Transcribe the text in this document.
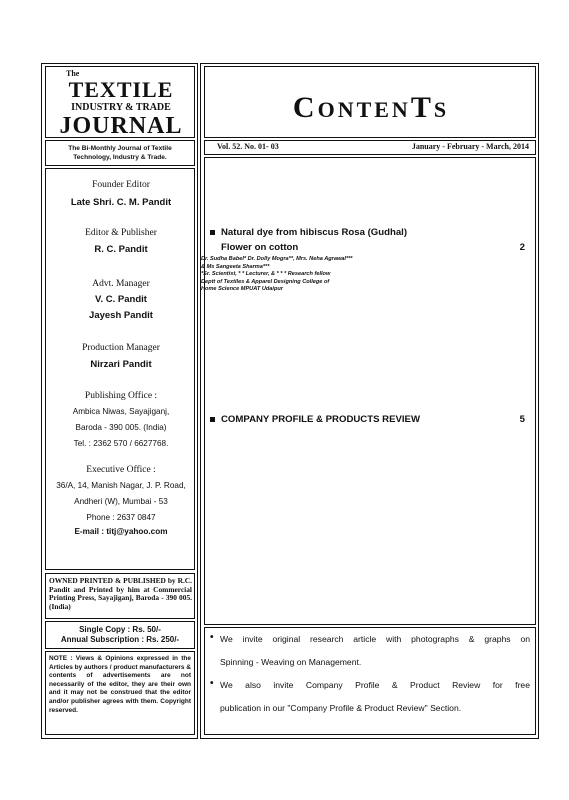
The
TEXTILE
INDUSTRY & TRADE
JOURNAL
The Bi-Monthly Journal of Textile
Technology, Industry & Trade.
Founder Editor
Late Shri. C. M. Pandit
Editor & Publisher
R. C. Pandit
Advt. Manager
V. C. Pandit
Jayesh Pandit
Production Manager
Nirzari Pandit
Publishing Office :
Ambica Niwas, Sayajiganj,
Baroda - 390 005. (India)
Tel. : 2362 570 / 6627768.
Executive Office :
36/A, 14, Manish Nagar, J. P. Road,
Andheri (W), Mumbai - 53
Phone : 2637 0847
E-mail : titj@yahoo.com
OWNED PRINTED & PUBLISHED by R.C. Pandit and Printed by him at Commercial Printing Press, Sayajiganj, Baroda - 390 005. (India)
Single Copy : Rs. 50/-
Annual Subscription : Rs. 250/-
NOTE : Views & Opinions expressed in the Articles by authors / product manufacturers & contents of advertisements are not necessarily of the editor, they are their own and it may not be construed that the editor and/or publisher agrees with them. Copyright reserved.
CONTENTS
Vol. 52. No. 01- 03	January - February - March, 2014
Natural dye from hibiscus Rosa (Gudhal)
Flower on cotton	2
Dr. Sudha Babel* Dr. Dolly Mogra**, Mrs. Neha Agrawal***
& Ms Sangeeta Sharma***
*Sr. Scientist, * * Lecturer, & * * * Research fellow
Deptt of Textiles & Apparel Designing College of
Home Science MPUAT Udaipur
COMPANY PROFILE & PRODUCTS REVIEW	5
• We invite original research article with photographs & graphs on
Spinning - Weaving on Management.
• We also invite Company Profile & Product Review for free
publication in our "Company Profile & Product Review" Section.
